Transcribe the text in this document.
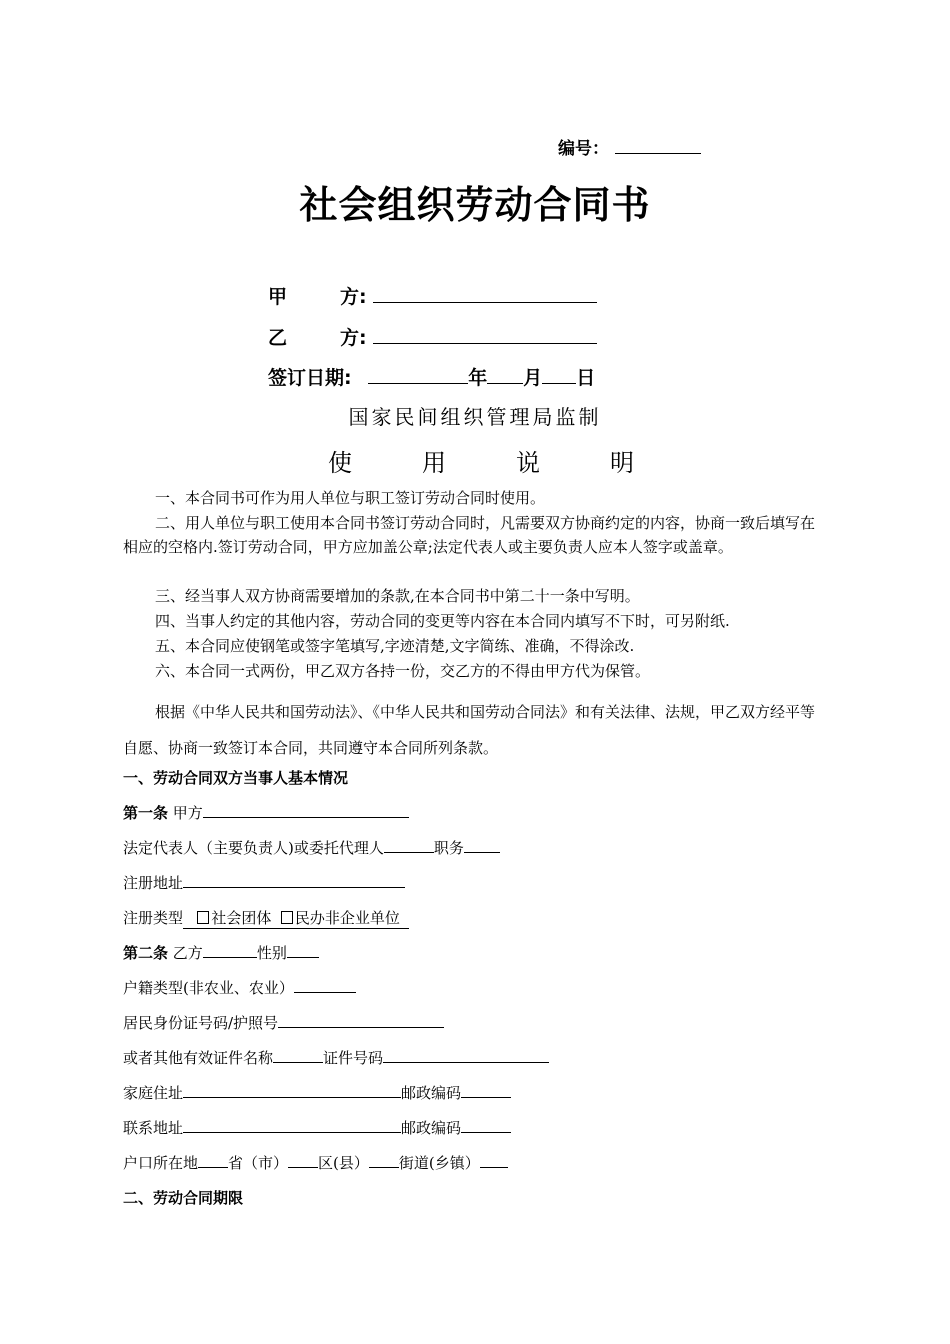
编号：
社会组织劳动合同书
甲	方:
乙	方:
签订日期:	年 月 日
国家民间组织管理局监制
使	用	说	明
一、本合同书可作为用人单位与职工签订劳动合同时使用。
二、用人单位与职工使用本合同书签订劳动合同时，凡需要双方协商约定的内容，协商一致后填写在相应的空格内.签订劳动合同，甲方应加盖公章;法定代表人或主要负责人应本人签字或盖章。
三、经当事人双方协商需要增加的条款,在本合同书中第二十一条中写明。
四、当事人约定的其他内容，劳动合同的变更等内容在本合同内填写不下时，可另附纸.
五、本合同应使钢笔或签字笔填写,字迹清楚,文字简练、准确，不得涂改.
六、本合同一式两份，甲乙双方各持一份，交乙方的不得由甲方代为保管。
根据《中华人民共和国劳动法》、《中华人民共和国劳动合同法》和有关法律、法规，甲乙双方经平等自愿、协商一致签订本合同，共同遵守本合同所列条款。
一、劳动合同双方当事人基本情况
第一条 甲方
法定代表人（主要负责人)或委托代理人	职务
注册地址
注册类型 社会团体 民办非企业单位
第二条 乙方	性别
户籍类型(非农业、农业）
居民身份证号码/护照号
或者其他有效证件名称	证件号码
家庭住址	邮政编码
联系地址	邮政编码
户口所在地 省（市） 区(县） 街道(乡镇）
二、劳动合同期限
